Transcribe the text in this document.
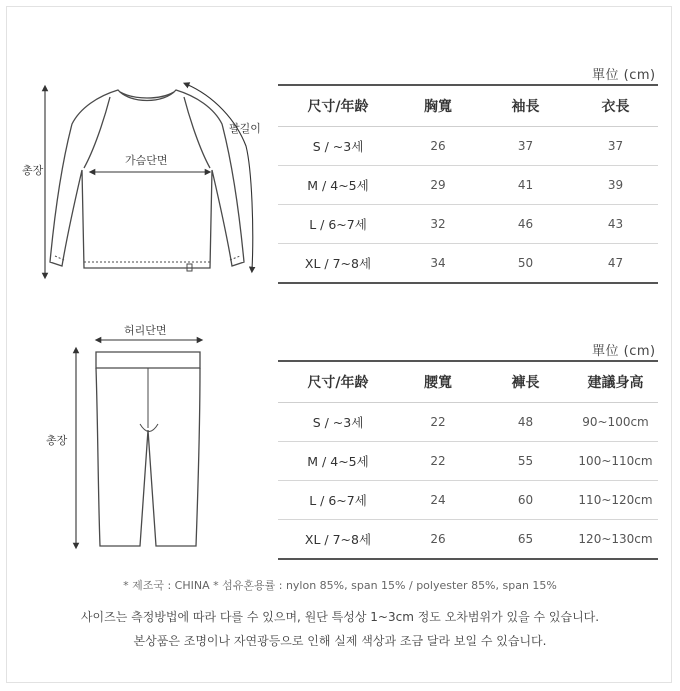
총장
가슴단면
팔길이
허리단면
총장
單位 (cm)
尺寸/年龄	胸寬	袖長	衣長
S / ~3세	26	37	37
M / 4~5세	29	41	39
L / 6~7세	32	46	43
XL / 7~8세	34	50	47
單位 (cm)
尺寸/年龄	腰寬	褲長	建議身高
S / ~3세	22	48	90~100cm
M / 4~5세	22	55	100~110cm
L / 6~7세	24	60	110~120cm
XL / 7~8세	26	65	120~130cm
* 제조국 : CHINA * 섬유혼용률 : nylon 85%, span 15% / polyester 85%, span 15%
사이즈는 측정방법에 따라 다를 수 있으며, 원단 특성상 1~3cm 정도 오차범위가 있을 수 있습니다.
본상품은 조명이나 자연광등으로 인해 실제 색상과 조금 달라 보일 수 있습니다.
